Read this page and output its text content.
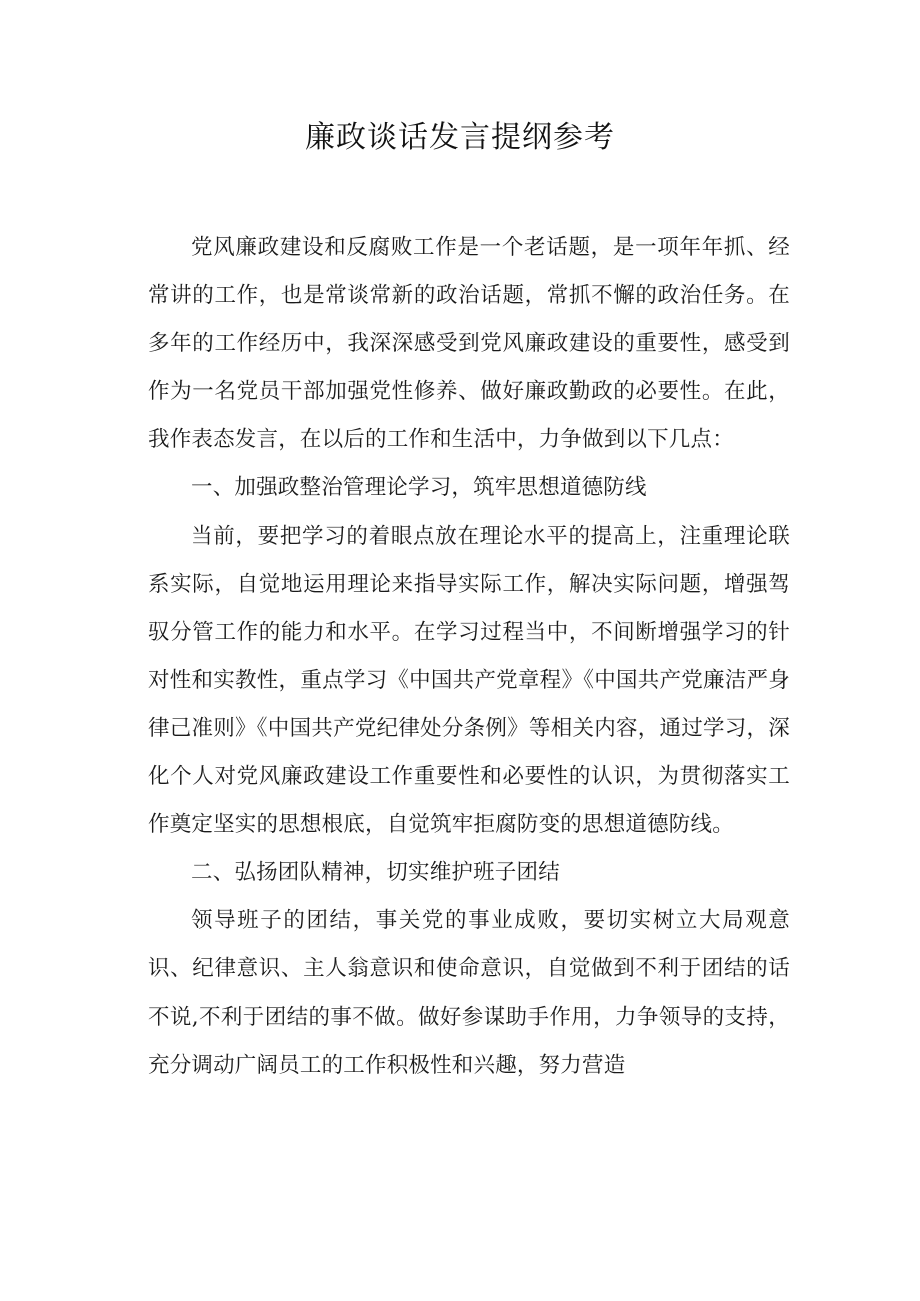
廉政谈话发言提纲参考

党风廉政建设和反腐败工作是一个老话题，是一项年年抓、经常讲的工作，也是常谈常新的政治话题，常抓不懈的政治任务。在多年的工作经历中，我深深感受到党风廉政建设的重要性，感受到作为一名党员干部加强党性修养、做好廉政勤政的必要性。在此，我作表态发言，在以后的工作和生活中，力争做到以下几点：

一、加强政整治管理论学习，筑牢思想道德防线

当前，要把学习的着眼点放在理论水平的提高上，注重理论联系实际，自觉地运用理论来指导实际工作，解决实际问题，增强驾驭分管工作的能力和水平。在学习过程当中，不间断增强学习的针对性和实教性，重点学习《中国共产党章程》《中国共产党廉洁严身律己准则》《中国共产党纪律处分条例》等相关内容，通过学习，深化个人对党风廉政建设工作重要性和必要性的认识，为贯彻落实工作奠定坚实的思想根底，自觉筑牢拒腐防变的思想道德防线。

二、弘扬团队精神，切实维护班子团结

领导班子的团结，事关党的事业成败，要切实树立大局观意识、纪律意识、主人翁意识和使命意识，自觉做到不利于团结的话不说,不利于团结的事不做。做好参谋助手作用，力争领导的支持，充分调动广阔员工的工作积极性和兴趣，努力营造
